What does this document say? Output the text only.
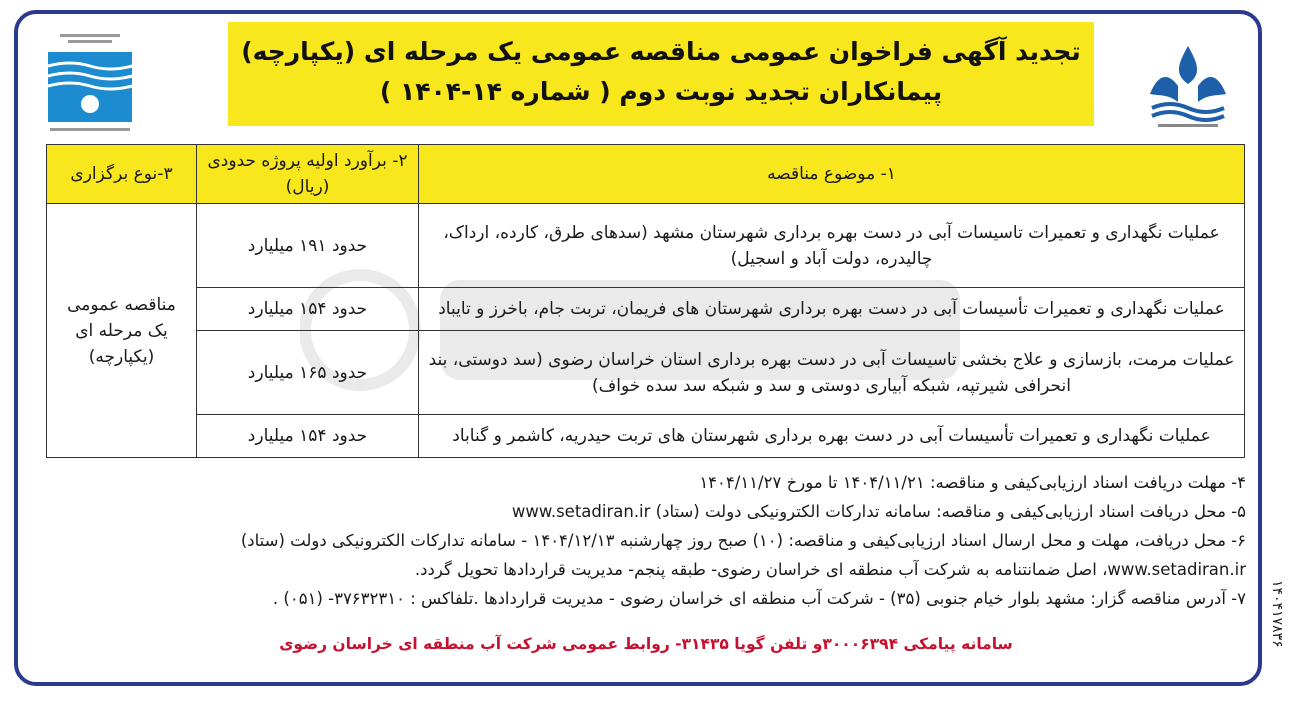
تجدید آگهی فراخوان عمومی مناقصه عمومی یک مرحله ای (یکپارچه)
پیمانکاران تجدید نوبت دوم ( شماره ۱۴-۱۴۰۴ )
۱- موضوع مناقصه	۲- برآورد اولیه پروژه حدودی (ریال)	۳-نوع برگزاری
عملیات نگهداری و تعمیرات تاسیسات آبی در دست بهره برداری شهرستان مشهد (سدهای طرق، کارده، ارداک، چالیدره، دولت آباد و اسجیل)	حدود ۱۹۱ میلیارد	مناقصه عمومی یک مرحله ای (یکپارچه)
عملیات نگهداری و تعمیرات تأسیسات آبی در دست بهره برداری شهرستان های فریمان، تربت جام، باخرز و تایباد	حدود ۱۵۴ میلیارد	
عملیات مرمت، بازسازی و علاج بخشی تاسیسات آبی در دست بهره برداری استان خراسان رضوی (سد دوستی، بند انحرافی شیرتپه، شبکه آبیاری دوستی و سد و شبکه سد سده خواف)	حدود ۱۶۵ میلیارد	
عملیات نگهداری و تعمیرات تأسیسات آبی در دست بهره برداری شهرستان های تربت حیدریه، کاشمر و گناباد	حدود ۱۵۴ میلیارد	
۴- مهلت دریافت اسناد ارزیابی‌کیفی و مناقصه: ۱۴۰۴/۱۱/۲۱ تا مورخ ۱۴۰۴/۱۱/۲۷
۵- محل دریافت اسناد ارزیابی‌کیفی و مناقصه: سامانه تدارکات الکترونیکی دولت (ستاد) www.setadiran.ir
۶- محل دریافت، مهلت و محل ارسال اسناد ارزیابی‌کیفی و مناقصه: (۱۰) صبح روز چهارشنبه ۱۴۰۴/۱۲/۱۳ - سامانه تدارکات الکترونیکی دولت (ستاد)
www.setadiran.ir، اصل ضمانتنامه به شرکت آب منطقه ای خراسان رضوی- طبقه پنجم- مدیریت قراردادها تحویل گردد.
۷- آدرس مناقصه گزار: مشهد بلوار خیام جنوبی (۳۵) - شرکت آب منطقه ای خراسان رضوی - مدیریت قراردادها .تلفاکس : ۳۷۶۳۲۳۱۰- (۰۵۱) .
سامانه پیامکی ۳۰۰۰۶۳۹۴و تلفن گویا ۳۱۴۳۵- روابط عمومی شرکت آب منطقه ای خراسان رضوی	۱۴۰۴۱۷۸۳۶
